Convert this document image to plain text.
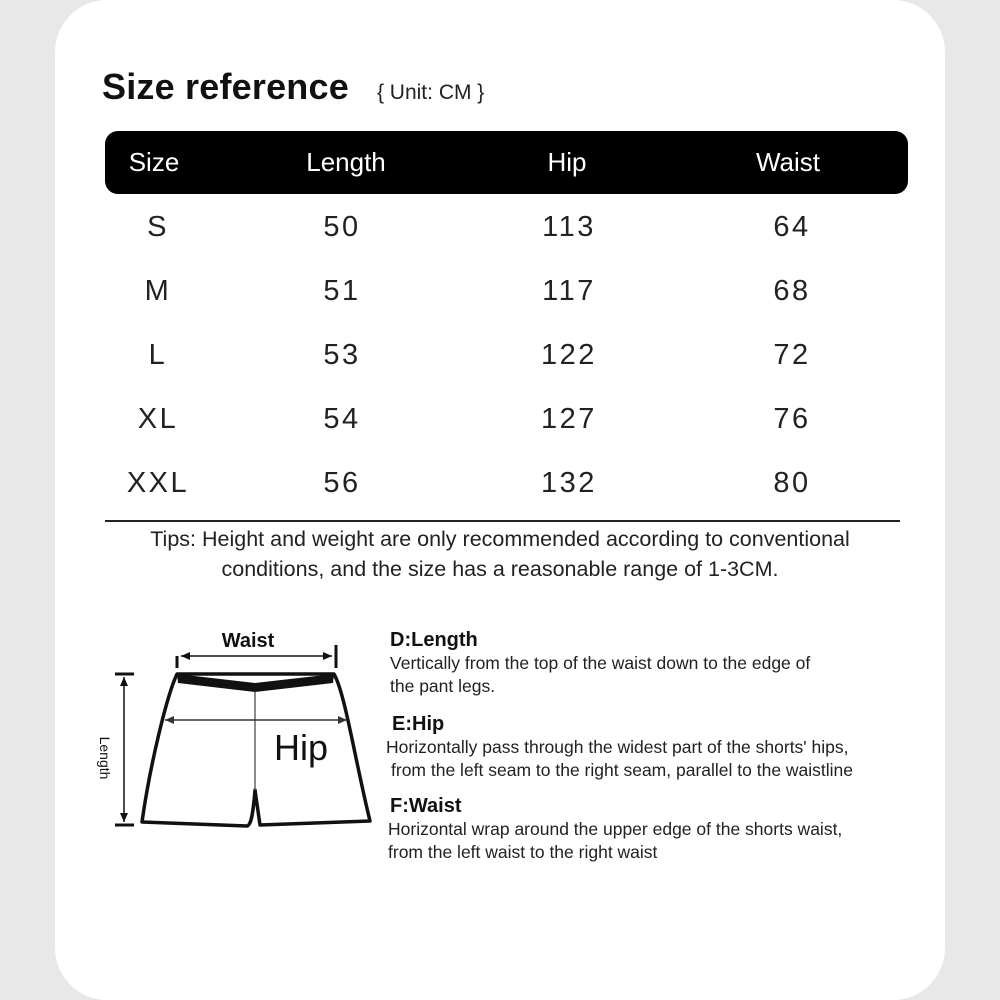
Size reference { Unit: CM }
Size	Length	Hip	Waist
S	50	113	64
M	51	117	68
L	53	122	72
XL	54	127	76
XXL	56	132	80
Tips: Height and weight are only recommended according to conventional
conditions, and the size has a reasonable range of 1-3CM.
Waist
Length	Hip
D:Length
Vertically from the top of the waist down to the edge of
the pant legs.
E:Hip
Horizontally pass through the widest part of the shorts' hips,
from the left seam to the right seam, parallel to the waistline
F:Waist
Horizontal wrap around the upper edge of the shorts waist,
from the left waist to the right waist
